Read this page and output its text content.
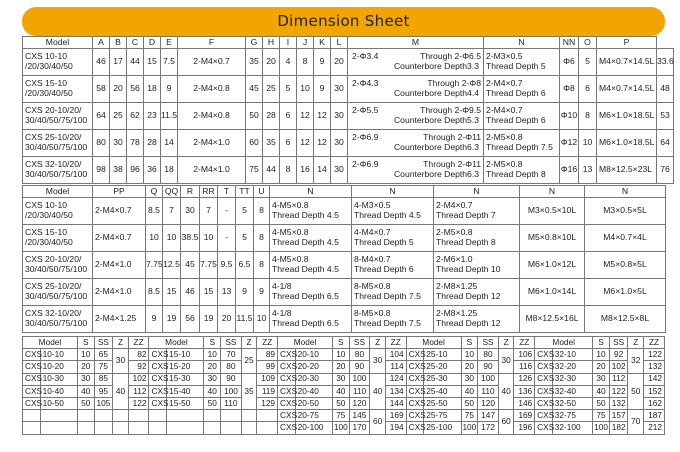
Dimension Sheet
Model	A	B	C	D	E	F	G	H	I	J	K	L	M	N	NN	O	P	
CXS 10-10
/20/30/40/50	46	17	44	15	7.5	2-M4×0.7	35	20	4	8	9	20	2-Φ3.4 Through 2-Φ6.5
Counterbore Depth3.3	2-M3×0.5
Thread Depth 5	Φ6	5	M4×0.7×14.5L	33.6
CXS 15-10
/20/30/40/50	58	20	56	18	9	2-M4×0.8	45	25	5	10	9	30	2-Φ4.3 Through 2-Φ8
Counterbore Depth4.4	2-M4×0.7
Thread Depth 6	Φ8	6	M4×0.7×14.5L	48
CXS 20-10/20/
30/40/50/75/100	64	25	62	23	11.5	2-M4×0.8	50	28	6	12	12	30	2-Φ5.5 Through 2-Φ9.5
Counterbore Depth5.3	2-M4×0.7
Thread Depth 6	Φ10	8	M6×1.0×18.5L	53
CXS 25-10/20/
30/40/50/75/100	80	30	78	28	14	2-M4×1.0	60	35	6	12	12	30	2-Φ6.9 Through 2-Φ11
Counterbore Depth6.3	2-M5×0.8
Thread Depth 7.5	Φ12	10	M6×1.0×18.5L	64
CXS 32-10/20/
30/40/50/75/100	98	38	96	36	18	2-M4×1.0	75	44	8	16	14	30	2-Φ6.9 Through 2-Φ11
Counterbore Depth6.3	2-M5×0.8
Thread Depth 8	Φ16	13	M8×12.5×23L	76
Model	PP	Q	QQ	R	RR	T	TT	U	N	N	N	N	N
CXS 10-10
/20/30/40/50	2-M4×0.7	8.5	7	30	7	-	5	8	4-M5×0.8
Thread Depth 4.5	4-M3×0.5
Thread Depth 4.5	2-M4×0.7
Thread Depth 7	M3×0.5×10L	M3×0.5×5L
CXS 15-10
/20/30/40/50	2-M4×0.7	10	10	38.5	10	-	5	8	4-M5×0.8
Thread Depth 4.5	4-M4×0.7
Thread Depth 5	2-M5×0.8
Thread Depth 8	M5×0.8×10L	M4×0.7×4L
CXS 20-10/20/
30/40/50/75/100	2-M4×1.0	7.75	12.5	45	7.75	9.5	6.5	8	4-M5×0.8
Thread Depth 4.5	8-M4×0.7
Thread Depth 6	2-M6×1.0
Thread Depth 10	M6×1.0×12L	M5×0.8×5L
CXS 25-10/20/
30/40/50/75/100	2-M4×1.0	8.5	15	46	15	13	9	9	4-1/8
Thread Depth 6.5	8-M5×0.8
Thread Depth 7.5	2-M8×1.25
Thread Depth 12	M6×1.0×14L	M6×1.0×5L
CXS 32-10/20/
30/40/50/75/100	2-M4×1.25	9	19	56	19	20	11.5	10	4-1/8
Thread Depth 6.5	8-M5×0.8
Thread Depth 7.5	2-M8×1.25
Thread Depth 12	M8×12.5×16L	M8×12.5×8L
Model		S	SS	Z	ZZ	Model		S	SS	Z	ZZ	Model		S	SS	Z	ZZ	Model		S	SS	Z	ZZ	Model		S	SS	Z	ZZ
CXS	10-10	10	65	30	82	CXS	15-10	10	70	25	89	CXS	20-10	10	80	30	104	CXS	25-10	10	80	30	106	CXS	32-10	10	92	32	122
CXS	10-20	20	75		92	CXS	15-20	20	80		99	CXS	20-20	20	90		114	CXS	25-20	20	90		116	CXS	32-20	20	102		132
CXS	10-30	30	85	40	102	CXS	15-30	30	90	35	109	CXS	20-30	30	100	40	124	CXS	25-30	30	100	40	126	CXS	32-30	30	112	50	142
CXS	10-40	40	95		112	CXS	15-40	40	100		119	CXS	20-40	40	110		134	CXS	25-40	40	110		136	CXS	32-40	40	122		152
CXS	10-50	50	105		122	CXS	15-50	50	110		129	CXS	20-50	50	120		144	CXS	25-50	50	120		146	CXS	32-50	50	132		162
												CXS	20-75	75	145	60	169	CXS	25-75	75	147	60	169	CXS	32-75	75	157	70	187
												CXS	20-100	100	170		194	CXS	25-100	100	172		196	CXS	32-100	100	182		212
